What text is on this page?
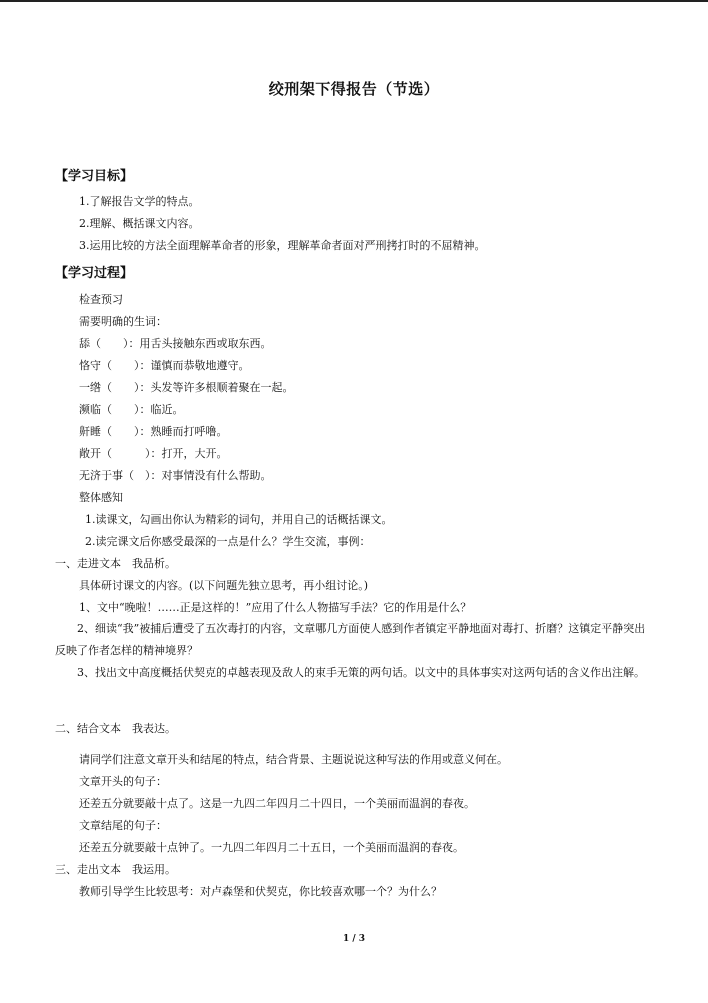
绞刑架下得报告（节选）
【学习目标】
1.了解报告文学的特点。
2.理解、概括课文内容。
3.运用比较的方法全面理解革命者的形象，理解革命者面对严刑拷打时的不屈精神。
【学习过程】
检查预习
需要明确的生词：
舔（　　）：用舌头接触东西或取东西。
恪守（　　）：谨慎而恭敬地遵守。
一绺（　　）：头发等许多根顺着聚在一起。
濒临（　　）：临近。
鼾睡（　　）：熟睡而打呼噜。
敞开（　　　）：打开，大开。
无济于事（　）：对事情没有什么帮助。
整体感知
1.读课文，勾画出你认为精彩的词句，并用自己的话概括课文。
2.读完课文后你感受最深的一点是什么？学生交流，事例：
一、走进文本　我品析。
具体研讨课文的内容。(以下问题先独立思考，再小组讨论。)
1、文中“晚啦！……正是这样的！”应用了什么人物描写手法？它的作用是什么？
2、细读“我”被捕后遭受了五次毒打的内容，文章哪几方面使人感到作者镇定平静地面对毒打、折磨？这镇定平静突出反映了作者怎样的精神境界？
3、找出文中高度概括伏契克的卓越表现及敌人的束手无策的两句话。以文中的具体事实对这两句话的含义作出注解。
二、结合文本　我表达。
请同学们注意文章开头和结尾的特点，结合背景、主题说说这种写法的作用或意义何在。
文章开头的句子：
还差五分就要敲十点了。这是一九四二年四月二十四日，一个美丽而温润的春夜。
文章结尾的句子：
还差五分就要敲十点钟了。一九四二年四月二十五日，一个美丽而温润的春夜。
三、走出文本　我运用。
教师引导学生比较思考：对卢森堡和伏契克，你比较喜欢哪一个？为什么？
1 / 3
